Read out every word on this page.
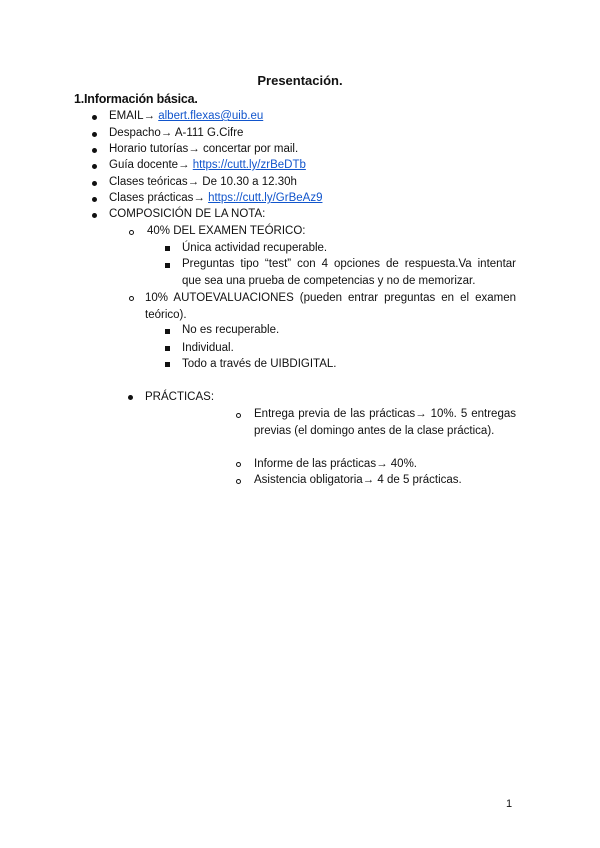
Presentación.
1.Información básica.
EMAIL→ albert.flexas@uib.eu
Despacho→ A-111 G.Cifre
Horario tutorías→ concertar por mail.
Guía docente→ https://cutt.ly/zrBeDTb
Clases teóricas→ De 10.30 a 12.30h
Clases prácticas→ https://cutt.ly/GrBeAz9
COMPOSICIÓN DE LA NOTA:
40% DEL EXAMEN TEÓRICO:
Única actividad recuperable.
Preguntas tipo “test” con 4 opciones de respuesta.Va intentar que sea una prueba de competencias y no de memorizar.
10% AUTOEVALUACIONES (pueden entrar preguntas en el examen teórico).
No es recuperable.
Individual.
Todo a través de UIBDIGITAL.
PRÁCTICAS:
Entrega previa de las prácticas→ 10%. 5 entregas previas (el domingo antes de la clase práctica).
Informe de las prácticas→ 40%.
Asistencia obligatoria→ 4 de 5 prácticas.
1
